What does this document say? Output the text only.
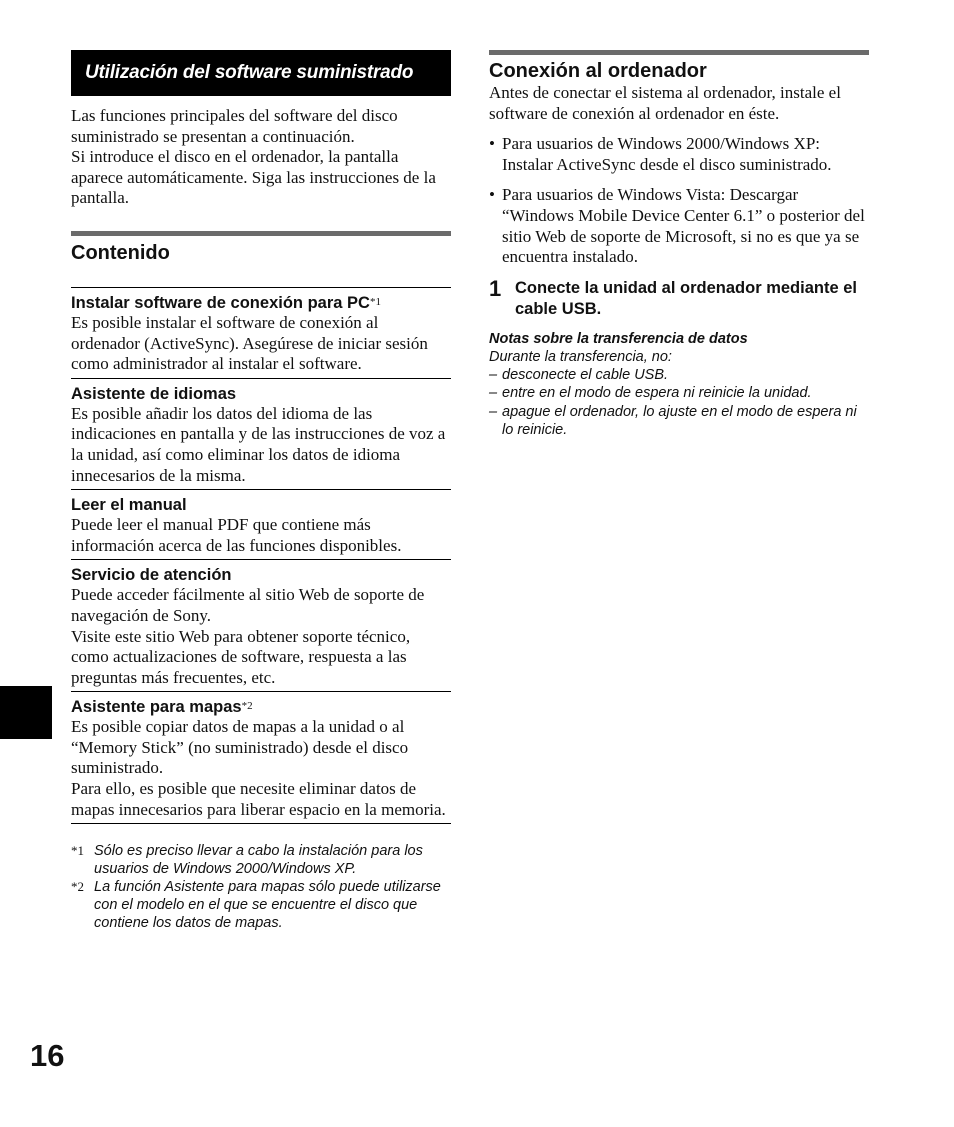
Utilización del software suministrado

Las funciones principales del software del disco suministrado se presentan a continuación.

Si introduce el disco en el ordenador, la pantalla aparece automáticamente. Siga las instrucciones de la pantalla.

Contenido
Instalar software de conexión para PC$^{*1}$

Es posible instalar el software de conexión al ordenador (ActiveSync). Asegúrese de iniciar sesión como administrador al instalar el software.

Asistente de idiomas

Es posible añadir los datos del idioma de las indicaciones en pantalla y de las instrucciones de voz a la unidad, así como eliminar los datos de idioma innecesarios de la misma.

Leer el manual

Puede leer el manual PDF que contiene más información acerca de las funciones disponibles.

Servicio de atención

Puede acceder fácilmente al sitio Web de soporte de navegación de Sony.

Visite este sitio Web para obtener soporte técnico, como actualizaciones de software, respuesta a las preguntas más frecuentes, etc.

Asistente para mapas$^{*2}$

Es posible copiar datos de mapas a la unidad o al “Memory Stick” (no suministrado) desde el disco suministrado.

Para ello, es posible que necesite eliminar datos de mapas innecesarios para liberar espacio en la memoria.

*1 Sólo es preciso llevar a cabo la instalación para los usuarios de Windows 2000/Windows XP.
*2 La función Asistente para mapas sólo puede utilizarse con el modelo en el que se encuentre el disco que contiene los datos de mapas.
Conexión al ordenador
Antes de conectar el sistema al ordenador, instale el software de conexión al ordenador en éste.
• Para usuarios de Windows 2000/Windows XP: Instalar ActiveSync desde el disco suministrado.
• Para usuarios de Windows Vista: Descargar “Windows Mobile Device Center 6.1” o posterior del sitio Web de soporte de Microsoft, si no es que ya se encuentra instalado.
1 Conecte la unidad al ordenador mediante el cable USB.
Notas sobre la transferencia de datos
Durante la transferencia, no:
– desconecte el cable USB.
– entre en el modo de espera ni reinicie la unidad.
– apague el ordenador, lo ajuste en el modo de espera ni lo reinicie.
16
